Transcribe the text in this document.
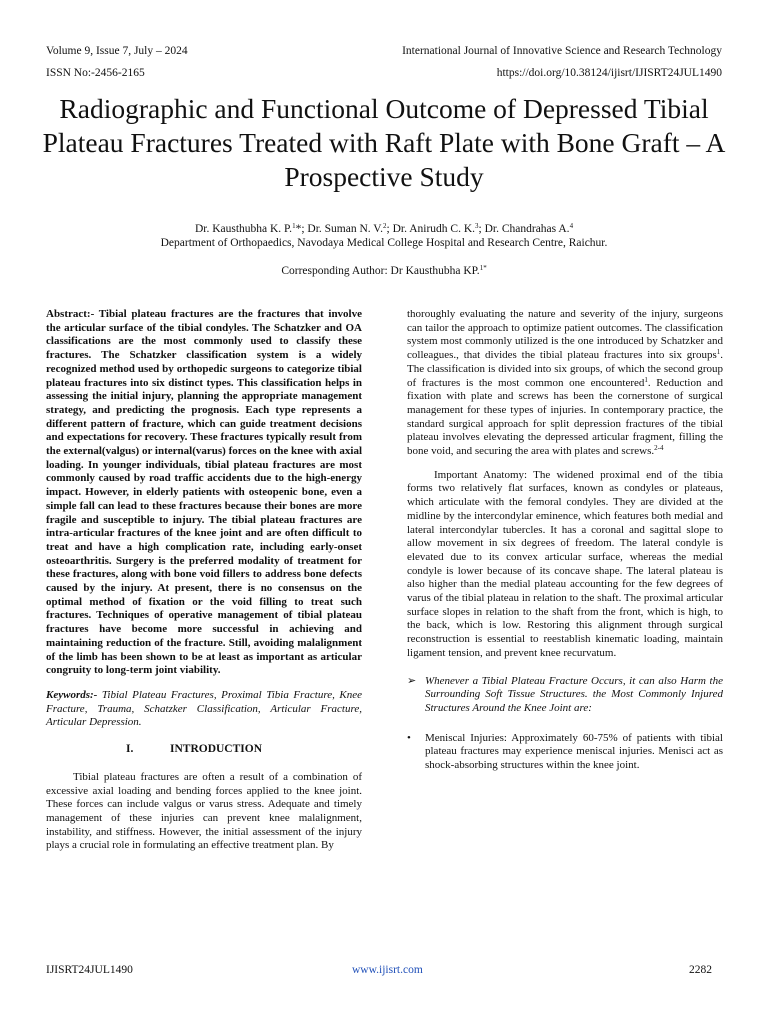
Volume 9, Issue 7, July – 2024
ISSN No:-2456-2165
International Journal of Innovative Science and Research Technology
https://doi.org/10.38124/ijisrt/IJISRT24JUL1490
Radiographic and Functional Outcome of Depressed Tibial Plateau Fractures Treated with Raft Plate with Bone Graft – A Prospective Study
Dr. Kausthubha K. P.$^1$*; Dr. Suman N. V.$^2$; Dr. Anirudh C. K.$^3$; Dr. Chandrahas A.$^4$
Department of Orthopaedics, Navodaya Medical College Hospital and Research Centre, Raichur.
Corresponding Author: Dr Kausthubha KP.$^{1*}$

Abstract:- Tibial plateau fractures are the fractures that involve the articular surface of the tibial condyles. The Schatzker and OA classifications are the most commonly used to classify these fractures. The Schatzker classification system is a widely recognized method used by orthopedic surgeons to categorize tibial plateau fractures into six distinct types. This classification helps in assessing the initial injury, planning the appropriate management strategy, and predicting the prognosis. Each type represents a different pattern of fracture, which can guide treatment decisions and expectations for recovery. These fractures typically result from the external(valgus) or internal(varus) forces on the knee with axial loading. In younger individuals, tibial plateau fractures are most commonly caused by road traffic accidents due to the high-energy impact. However, in elderly patients with osteopenic bone, even a simple fall can lead to these fractures because their bones are more fragile and susceptible to injury. The tibial plateau fractures are intra-articular fractures of the knee joint and are often difficult to treat and have a high complication rate, including early-onset osteoarthritis. Surgery is the preferred modality of treatment for these fractures, along with bone void fillers to address bone defects caused by the injury. At present, there is no consensus on the optimal method of fixation or the void filling to treat such fractures. Techniques of operative management of tibial plateau fractures have become more successful in achieving and maintaining reduction of the fracture. Still, avoiding malalignment of the limb has been shown to be at least as important as articular congruity to long-term joint viability.

Keywords:- Tibial Plateau Fractures, Proximal Tibia Fracture, Knee Fracture, Trauma, Schatzker Classification, Articular Fracture, Articular Depression.

I.	INTRODUCTION

Tibial plateau fractures are often a result of a combination of excessive axial loading and bending forces applied to the knee joint. These forces can include valgus or varus stress. Adequate and timely management of these injuries can prevent knee malalignment, instability, and stiffness. However, the initial assessment of the injury plays a crucial role in formulating an effective treatment plan. By

thoroughly evaluating the nature and severity of the injury, surgeons can tailor the approach to optimize patient outcomes. The classification system most commonly utilized is the one introduced by Schatzker and colleagues., that divides the tibial plateau fractures into six groups$^1$. The classification is divided into six groups, of which the second group of fractures is the most common one encountered$^1$. Reduction and fixation with plate and screws has been the cornerstone of surgical management for these types of injuries. In contemporary practice, the standard surgical approach for split depression fractures of the tibial plateau involves elevating the depressed articular fragment, filling the bone void, and securing the area with plates and screws.$^{2-4}$

Important Anatomy: The widened proximal end of the tibia forms two relatively flat surfaces, known as condyles or plateaus, which articulate with the femoral condyles. They are divided at the midline by the intercondylar eminence, which features both medial and lateral intercondylar tubercles. It has a coronal and sagittal slope to allow movement in six degrees of freedom. The lateral condyle is elevated due to its convex articular surface, whereas the medial condyle is lower because of its concave shape. The lateral plateau is also higher than the medial plateau accounting for the few degrees of varus of the tibial plateau in relation to the shaft. The proximal articular surface slopes in relation to the shaft from the front, which is high, to the back, which is low. Restoring this alignment through surgical reconstruction is essential to reestablish kinematic loading, maintain ligament tension, and prevent knee recurvatum.

➢ Whenever a Tibial Plateau Fracture Occurs, it can also Harm the Surrounding Soft Tissue Structures. the Most Commonly Injured Structures Around the Knee Joint are:
•	Meniscal Injuries: Approximately 60-75% of patients with tibial plateau fractures may experience meniscal injuries. Menisci act as shock-absorbing structures within the knee joint.
IJISRT24JUL1490	www.ijisrt.com	2282
